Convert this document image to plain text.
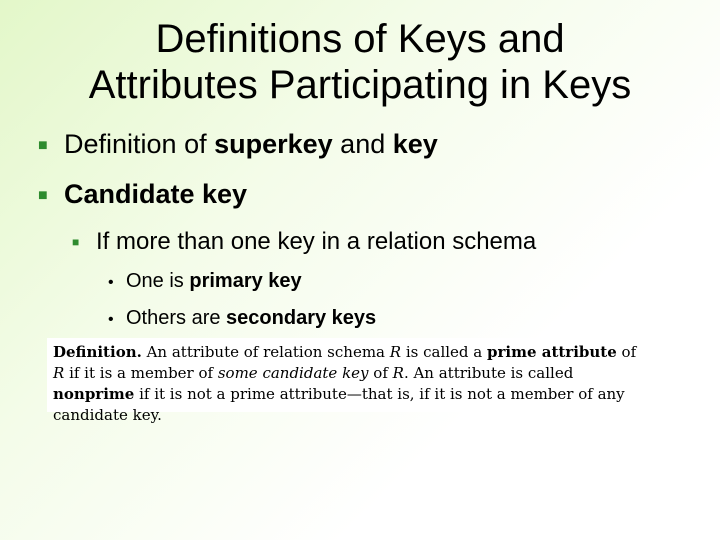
Definitions of Keys and
Attributes Participating in Keys
■ Definition of superkey and key
■ Candidate key
■ If more than one key in a relation schema
• One is primary key
• Others are secondary keys
Definition. An attribute of relation schema R is called a prime attribute of R if it is a member of some candidate key of R. An attribute is called nonprime if it is not a prime attribute—that is, if it is not a member of any candidate key.
